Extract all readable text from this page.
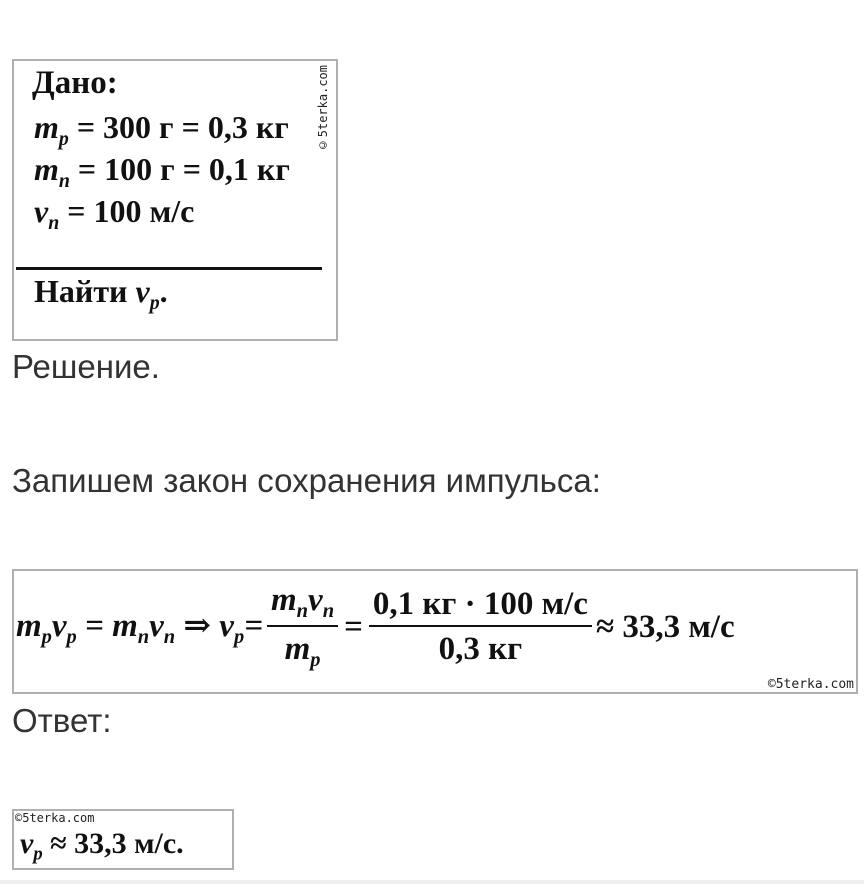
Дано:
$m_р = 300$ г = 0,3 кг
$m_п = 100$ г = 0,1 кг
$v_п = 100$ м/с
Найти $v_р$.
©5terka.com
Решение.
Запишем закон сохранения импульса:
$m_рv_р = m_пv_п$ ⇒ $v_р= \frac{m_пv_п}{m_р} = \frac{0,1 кг \cdot 100 м/с}{0,3 кг} \approx 33,3$ м/с
©5terka.com
Ответ:
©5terka.com
$v_р \approx 33,3$ м/с.
